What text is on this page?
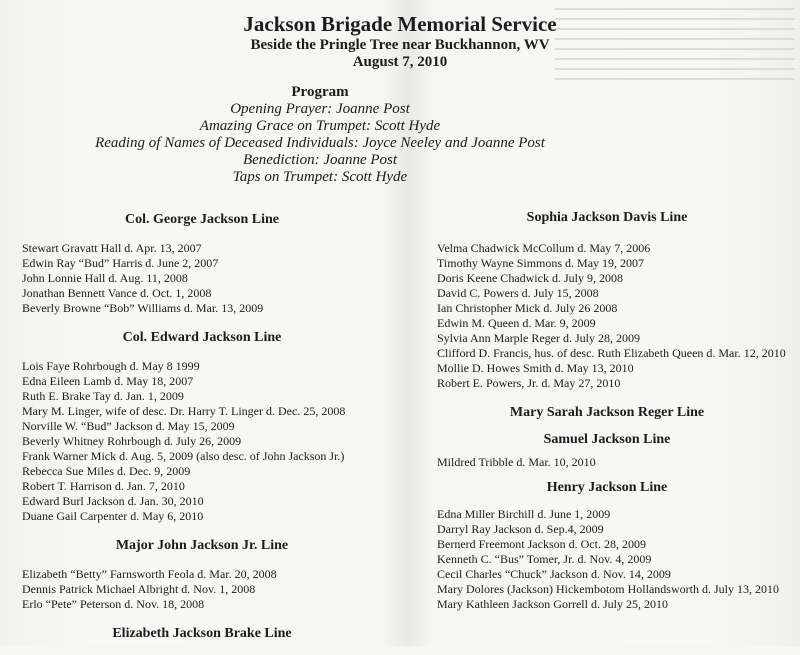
Jackson Brigade Memorial Service
Beside the Pringle Tree near Buckhannon, WV
August 7, 2010
Program
Opening Prayer: Joanne Post
Amazing Grace on Trumpet: Scott Hyde
Reading of Names of Deceased Individuals: Joyce Neeley and Joanne Post
Benediction: Joanne Post
Taps on Trumpet: Scott Hyde
Col. George Jackson Line
Stewart Gravatt Hall d. Apr. 13, 2007
Edwin Ray “Bud” Harris d. June 2, 2007
John Lonnie Hall d. Aug. 11, 2008
Jonathan Bennett Vance d. Oct. 1, 2008
Beverly Browne “Bob” Williams d. Mar. 13, 2009
Col. Edward Jackson Line
Lois Faye Rohrbough d. May 8 1999
Edna Eileen Lamb d. May 18, 2007
Ruth E. Brake Tay d. Jan. 1, 2009
Mary M. Linger, wife of desc. Dr. Harry T. Linger d. Dec. 25, 2008
Norville W. “Bud” Jackson d. May 15, 2009
Beverly Whitney Rohrbough d. July 26, 2009
Frank Warner Mick d. Aug. 5, 2009 (also desc. of John Jackson Jr.)
Rebecca Sue Miles d. Dec. 9, 2009
Robert T. Harrison d. Jan. 7, 2010
Edward Burl Jackson d. Jan. 30, 2010
Duane Gail Carpenter d. May 6, 2010
Major John Jackson Jr. Line
Elizabeth “Betty” Farnsworth Feola d. Mar. 20, 2008
Dennis Patrick Michael Albright d. Nov. 1, 2008
Erlo “Pete” Peterson d. Nov. 18, 2008
Elizabeth Jackson Brake Line
Sophia Jackson Davis Line
Velma Chadwick McCollum d. May 7, 2006
Timothy Wayne Simmons d. May 19, 2007
Doris Keene Chadwick d. July 9, 2008
David C. Powers d. July 15, 2008
Ian Christopher Mick d. July 26 2008
Edwin M. Queen d. Mar. 9, 2009
Sylvia Ann Marple Reger d. July 28, 2009
Clifford D. Francis, hus. of desc. Ruth Elizabeth Queen d. Mar. 12, 2010
Mollie D. Howes Smith d. May 13, 2010
Robert E. Powers, Jr. d. May 27, 2010
Mary Sarah Jackson Reger Line
Samuel Jackson Line
Mildred Tribble d. Mar. 10, 2010
Henry Jackson Line
Edna Miller Birchill d. June 1, 2009
Darryl Ray Jackson d. Sep.4, 2009
Bernerd Freemont Jackson d. Oct. 28, 2009
Kenneth C. “Bus” Tomer, Jr. d. Nov. 4, 2009
Cecil Charles “Chuck” Jackson d. Nov. 14, 2009
Mary Dolores (Jackson) Hickembotom Hollandsworth d. July 13, 2010
Mary Kathleen Jackson Gorrell d. July 25, 2010
